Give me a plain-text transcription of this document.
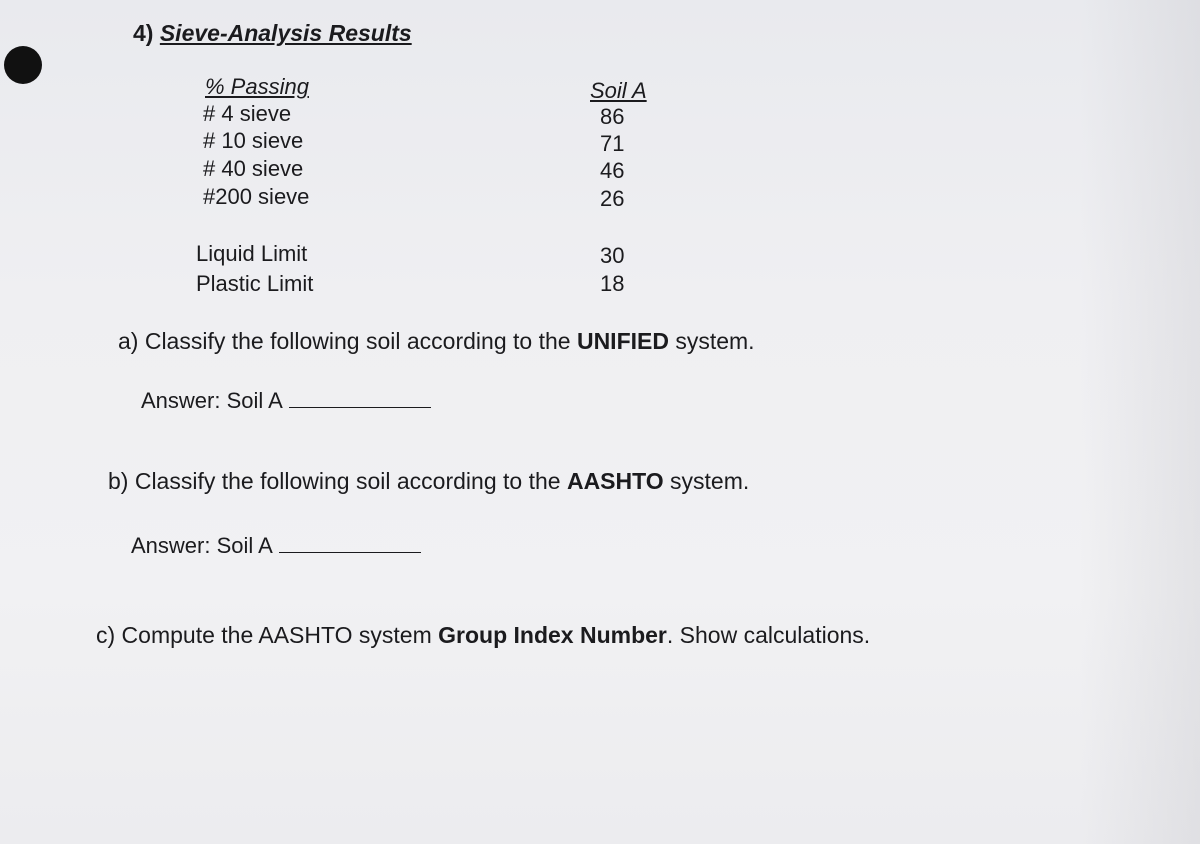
4) Sieve-Analysis Results
% Passing	Soil A
# 4 sieve	86
# 10 sieve	71
# 40 sieve	46
#200 sieve	26
Liquid Limit	30
Plastic Limit	18
a) Classify the following soil according to the UNIFIED system.
Answer: Soil A
b) Classify the following soil according to the AASHTO system.
Answer: Soil A
c) Compute the AASHTO system Group Index Number. Show calculations.
